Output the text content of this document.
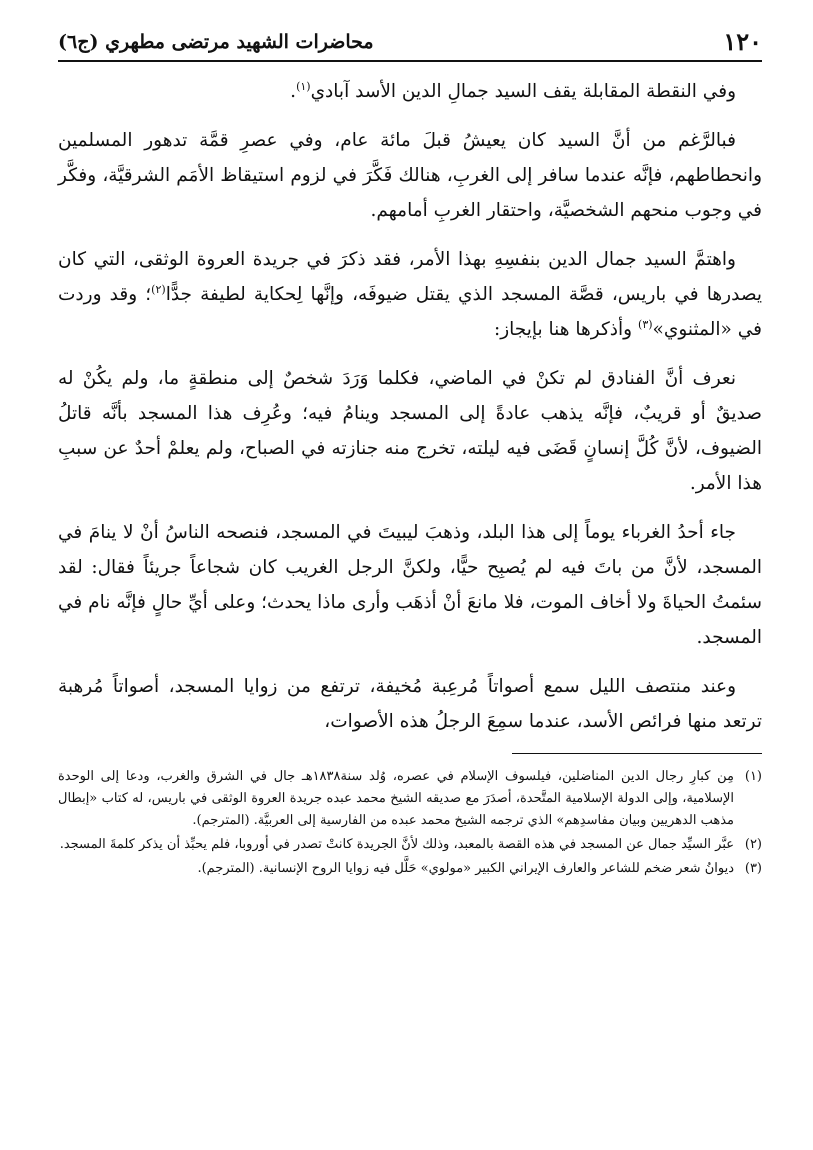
١٢٠
محاضرات الشهيد مرتضى مطهري (ج٦)

وفي النقطة المقابلة يقف السيد جمالِ الدين الأسد آبادي$^{(١)}$.

فبالرَّغم من أنَّ السيد كان يعيشُ قبلَ مائة عام، وفي عصرِ قمَّة تدهور المسلمين وانحطاطهم، فإنَّه عندما سافر إلى الغربِ، هنالك فَكَّرَ في لزوم استيقاظ الأمَم الشرقيَّة، وفكَّر في وجوب منحهم الشخصيَّة، واحتقار الغربِ أمامهم.

واهتمَّ السيد جمال الدين بنفسِهِ بهذا الأمر، فقد ذكرَ في جريدة العروة الوثقى، التي كان يصدرها في باريس، قصَّة المسجد الذي يقتل ضيوفَه، وإنَّها لِحكاية لطيفة جدًّا$^{(٢)}$؛ وقد وردت في «المثنوي»$^{(٣)}$ وأذكرها هنا بإيجاز:

نعرف أنَّ الفنادق لم تكنْ في الماضي، فكلما وَرَدَ شخصٌ إلى منطقةٍ ما، ولم يكُنْ له صديقٌ أو قريبٌ، فإنَّه يذهب عادةً إلى المسجد وينامُ فيه؛ وعُرِف هذا المسجد بأنَّه قاتلُ الضيوف، لأنَّ كُلَّ إنسانٍ قَضَى فيه ليلته، تخرج منه جنازته في الصباح، ولم يعلمْ أحدٌ عن سببِ هذا الأمر.

جاء أحدُ الغرباء يوماً إلى هذا البلد، وذهبَ ليبيتَ في المسجد، فنصحه الناسُ أنْ لا ينامَ في المسجد، لأنَّ من باتَ فيه لم يُصبِح حيًّا، ولكنَّ الرجل الغريب كان شجاعاً جريئاً فقال: لقد سئمتُ الحياةَ ولا أخاف الموت، فلا مانعَ أنْ أذهَب وأرى ماذا يحدث؛ وعلى أيِّ حالٍ فإنَّه نام في المسجد.

وعند منتصف الليل سمع أصواتاً مُرعِبة مُخيفة، ترتفع من زوايا المسجد، أصواتاً مُرهبة ترتعد منها فرائص الأسد، عندما سمِعَ الرجلُ هذه الأصوات،

(١)
مِن كبارِ رجال الدين المناضلين، فيلسوف الإسلام في عصره، وُلد سنة١٨٣٨هـ جال في الشرق والغرب، ودعا إلى الوحدة الإسلامية، وإلى الدولة الإسلامية المتَّحدة، أصدَرَ مع صديقه الشيخ محمد عبده جريدة العروة الوثقى في باريس، له كتاب «إبطال مذهب الدهريين وبيان مفاسدِهم» الذي ترجمه الشيخ محمد عبده من الفارسية إلى العربيَّة. (المترجم).
(٢)
عبَّر السيِّد جمال عن المسجد في هذه القصة بالمعبد، وذلك لأنَّ الجريدة كانتْ تصدر في أوروبا، فلم يحبِّذ أن يذكر كلمةَ المسجد.
(٣)
ديوانُ شعر ضخم للشاعر والعارف الإيراني الكبير «مولوي» حَلَّل فيه زوايا الروح الإنسانية. (المترجم).
